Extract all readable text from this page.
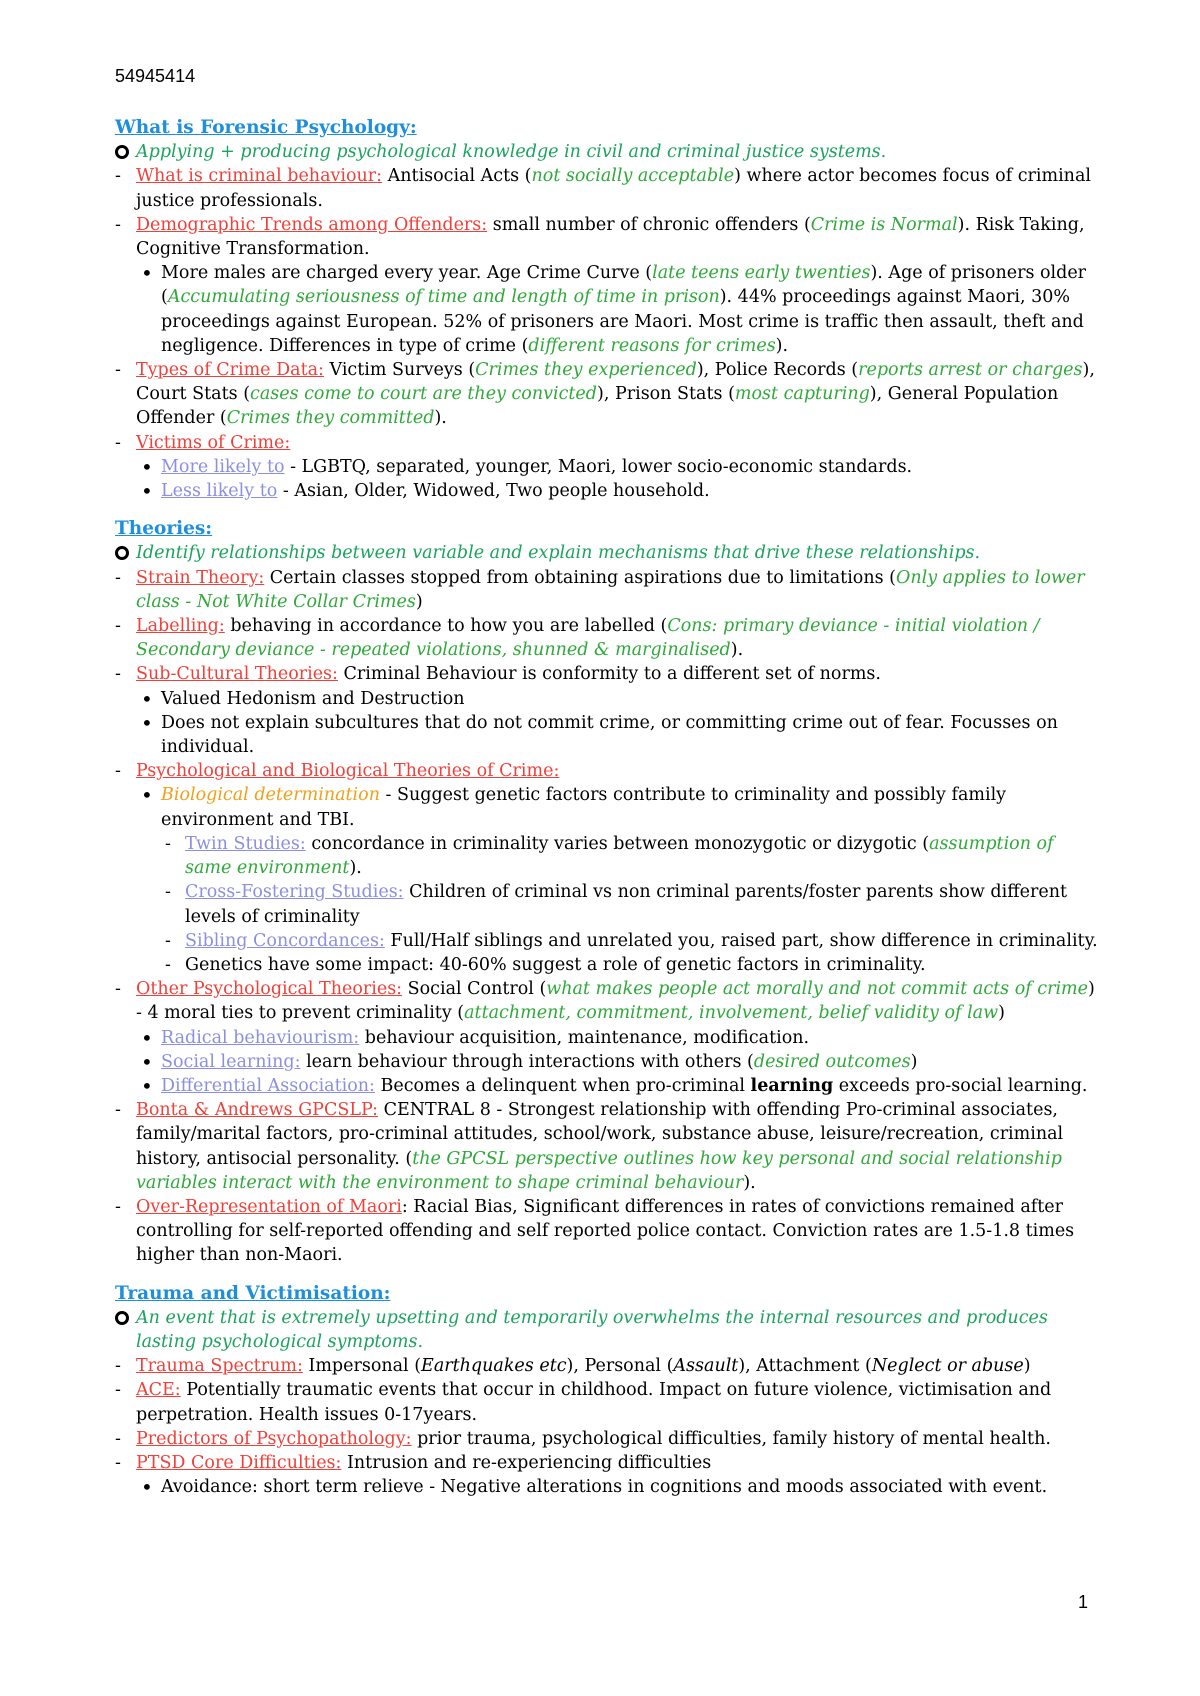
54945414
What is Forensic Psychology:
Applying + producing psychological knowledge in civil and criminal justice systems.
- What is criminal behaviour: Antisocial Acts (not socially acceptable) where actor becomes focus of criminal justice professionals.
- Demographic Trends among Offenders: small number of chronic offenders (Crime is Normal). Risk Taking, Cognitive Transformation.
• More males are charged every year. Age Crime Curve (late teens early twenties). Age of prisoners older (Accumulating seriousness of time and length of time in prison). 44% proceedings against Maori, 30% proceedings against European. 52% of prisoners are Maori. Most crime is traffic then assault, theft and negligence. Differences in type of crime (different reasons for crimes).
- Types of Crime Data: Victim Surveys (Crimes they experienced), Police Records (reports arrest or charges), Court Stats (cases come to court are they convicted), Prison Stats (most capturing), General Population Offender (Crimes they committed).
- Victims of Crime:
• More likely to - LGBTQ, separated, younger, Maori, lower socio-economic standards.
• Less likely to - Asian, Older, Widowed, Two people household.
Theories:
Identify relationships between variable and explain mechanisms that drive these relationships.
- Strain Theory: Certain classes stopped from obtaining aspirations due to limitations (Only applies to lower class - Not White Collar Crimes)
- Labelling: behaving in accordance to how you are labelled (Cons: primary deviance - initial violation / Secondary deviance - repeated violations, shunned & marginalised).
- Sub-Cultural Theories: Criminal Behaviour is conformity to a different set of norms.
• Valued Hedonism and Destruction
• Does not explain subcultures that do not commit crime, or committing crime out of fear. Focusses on individual.
- Psychological and Biological Theories of Crime:
• Biological determination - Suggest genetic factors contribute to criminality and possibly family environment and TBI.
- Twin Studies: concordance in criminality varies between monozygotic or dizygotic (assumption of same environment).
- Cross-Fostering Studies: Children of criminal vs non criminal parents/foster parents show different levels of criminality
- Sibling Concordances: Full/Half siblings and unrelated you, raised part, show difference in criminality.
- Genetics have some impact: 40-60% suggest a role of genetic factors in criminality.
- Other Psychological Theories: Social Control (what makes people act morally and not commit acts of crime) - 4 moral ties to prevent criminality (attachment, commitment, involvement, belief validity of law)
• Radical behaviourism: behaviour acquisition, maintenance, modification.
• Social learning: learn behaviour through interactions with others (desired outcomes)
• Differential Association: Becomes a delinquent when pro-criminal learning exceeds pro-social learning.
- Bonta & Andrews GPCSLP: CENTRAL 8 - Strongest relationship with offending Pro-criminal associates, family/marital factors, pro-criminal attitudes, school/work, substance abuse, leisure/recreation, criminal history, antisocial personality. (the GPCSL perspective outlines how key personal and social relationship variables interact with the environment to shape criminal behaviour).
- Over-Representation of Maori: Racial Bias, Significant differences in rates of convictions remained after controlling for self-reported offending and self reported police contact. Conviction rates are 1.5-1.8 times higher than non-Maori.
Trauma and Victimisation:
An event that is extremely upsetting and temporarily overwhelms the internal resources and produces lasting psychological symptoms.
- Trauma Spectrum: Impersonal (Earthquakes etc), Personal (Assault), Attachment (Neglect or abuse)
- ACE: Potentially traumatic events that occur in childhood. Impact on future violence, victimisation and perpetration. Health issues 0-17years.
- Predictors of Psychopathology: prior trauma, psychological difficulties, family history of mental health.
- PTSD Core Difficulties: Intrusion and re-experiencing difficulties
• Avoidance: short term relieve - Negative alterations in cognitions and moods associated with event.
1
